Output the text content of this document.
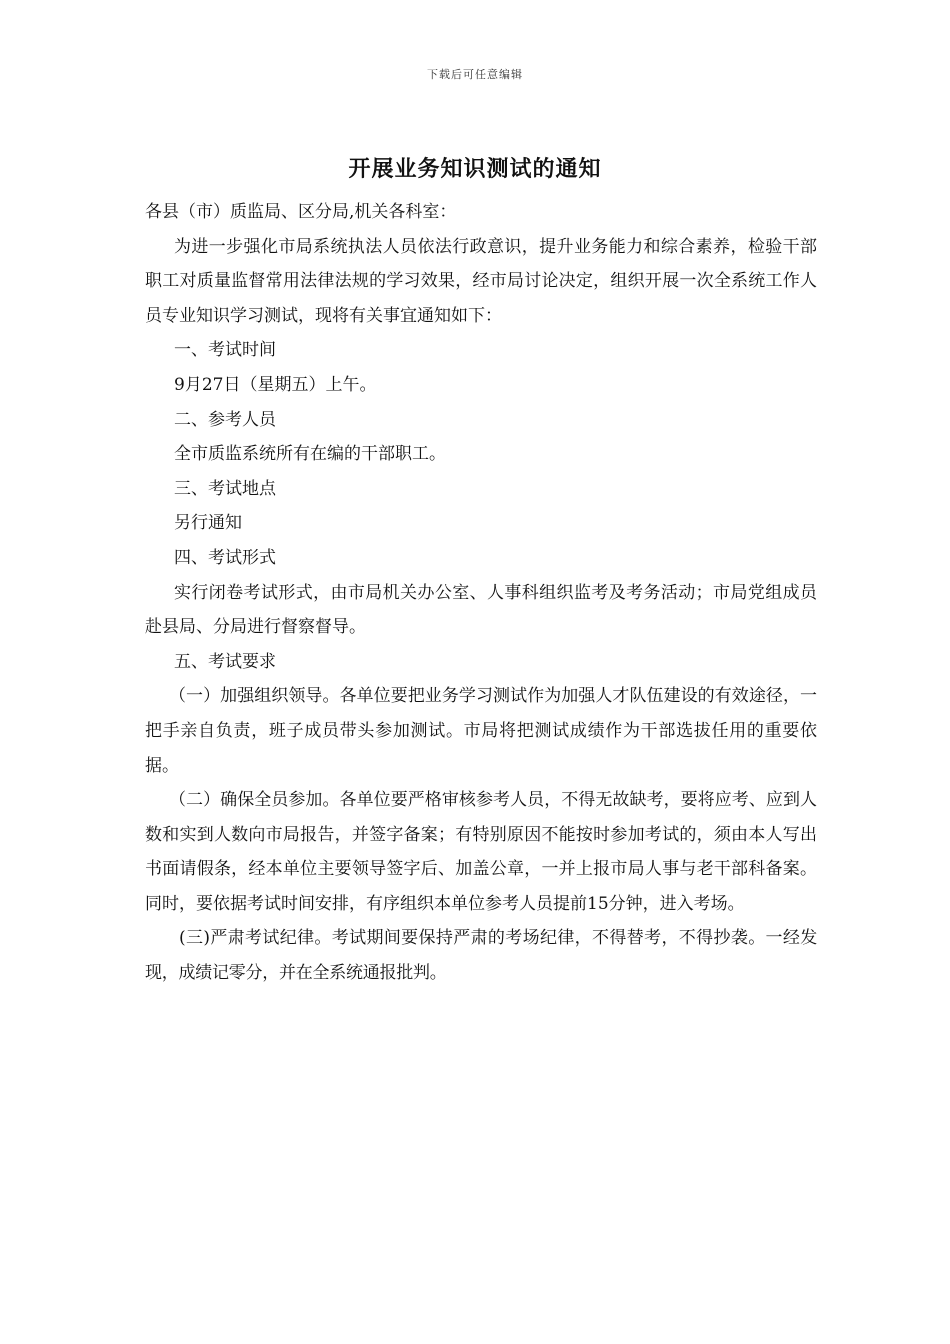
下载后可任意编辑
开展业务知识测试的通知

各县（市）质监局、区分局,机关各科室：

为进一步强化市局系统执法人员依法行政意识，提升业务能力和综合素养，检验干部职工对质量监督常用法律法规的学习效果，经市局讨论决定，组织开展一次全系统工作人员专业知识学习测试，现将有关事宜通知如下：

一、考试时间

9月27日（星期五）上午。

二、参考人员

全市质监系统所有在编的干部职工。

三、考试地点

另行通知

四、考试形式

实行闭卷考试形式，由市局机关办公室、人事科组织监考及考务活动；市局党组成员赴县局、分局进行督察督导。

五、考试要求

（一）加强组织领导。各单位要把业务学习测试作为加强人才队伍建设的有效途径，一把手亲自负责，班子成员带头参加测试。市局将把测试成绩作为干部选拔任用的重要依据。

（二）确保全员参加。各单位要严格审核参考人员，不得无故缺考，要将应考、应到人数和实到人数向市局报告，并签字备案；有特别原因不能按时参加考试的，须由本人写出书面请假条，经本单位主要领导签字后、加盖公章，一并上报市局人事与老干部科备案。同时，要依据考试时间安排，有序组织本单位参考人员提前15分钟，进入考场。

(三)严肃考试纪律。考试期间要保持严肃的考场纪律，不得替考，不得抄袭。一经发现，成绩记零分，并在全系统通报批判。
